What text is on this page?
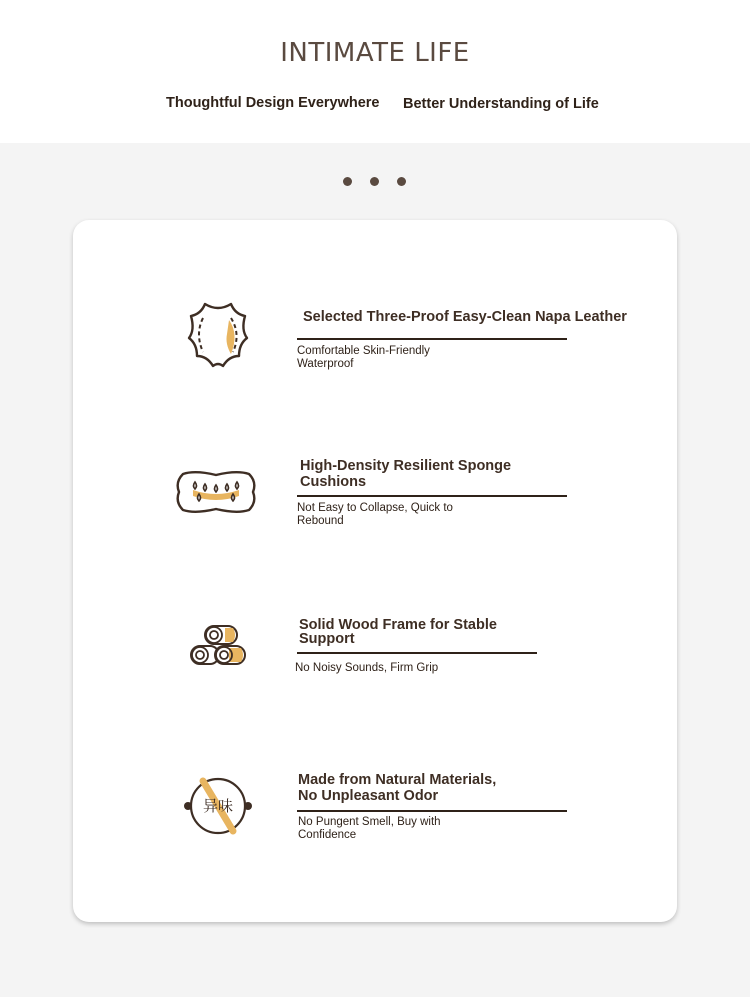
INTIMATE LIFE
Thoughtful Design Everywhere Better Understanding of Life
Selected Three-Proof Easy-Clean Napa Leather
Comfortable Skin-Friendly
Waterproof
High-Density Resilient Sponge
Cushions
Not Easy to Collapse, Quick to
Rebound
Solid Wood Frame for Stable
Support
No Noisy Sounds, Firm Grip
异味
Made from Natural Materials,
No Unpleasant Odor
No Pungent Smell, Buy with
Confidence
